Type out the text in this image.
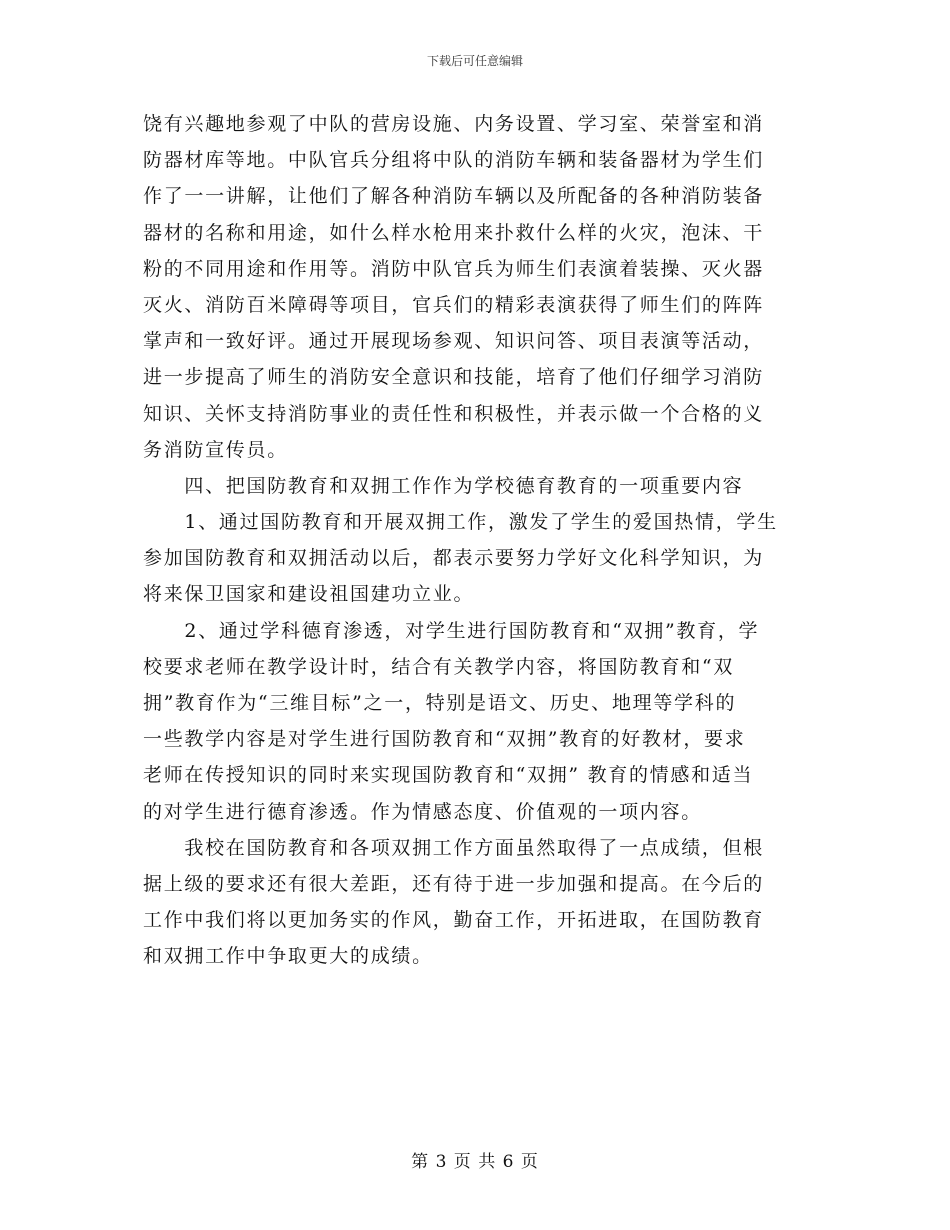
下载后可任意编辑
饶有兴趣地参观了中队的营房设施、内务设置、学习室、荣誉室和消
防器材库等地。中队官兵分组将中队的消防车辆和装备器材为学生们
作了一一讲解，让他们了解各种消防车辆以及所配备的各种消防装备
器材的名称和用途，如什么样水枪用来扑救什么样的火灾，泡沫、干
粉的不同用途和作用等。消防中队官兵为师生们表演着装操、灭火器
灭火、消防百米障碍等项目，官兵们的精彩表演获得了师生们的阵阵
掌声和一致好评。通过开展现场参观、知识问答、项目表演等活动，
进一步提高了师生的消防安全意识和技能，培育了他们仔细学习消防
知识、关怀支持消防事业的责任性和积极性，并表示做一个合格的义
务消防宣传员。
　　四、把国防教育和双拥工作作为学校德育教育的一项重要内容
　　1、通过国防教育和开展双拥工作，激发了学生的爱国热情，学生
参加国防教育和双拥活动以后，都表示要努力学好文化科学知识，为
将来保卫国家和建设祖国建功立业。
　　2、通过学科德育渗透，对学生进行国防教育和“双拥”教育，学
校要求老师在教学设计时，结合有关教学内容，将国防教育和“双
拥”教育作为“三维目标”之一，特别是语文、历史、地理等学科的
一些教学内容是对学生进行国防教育和“双拥”教育的好教材，要求
老师在传授知识的同时来实现国防教育和“双拥” 教育的情感和适当
的对学生进行德育渗透。作为情感态度、价值观的一项内容。
　　我校在国防教育和各项双拥工作方面虽然取得了一点成绩，但根
据上级的要求还有很大差距，还有待于进一步加强和提高。在今后的
工作中我们将以更加务实的作风，勤奋工作，开拓进取，在国防教育
和双拥工作中争取更大的成绩。
第 3 页 共 6 页
